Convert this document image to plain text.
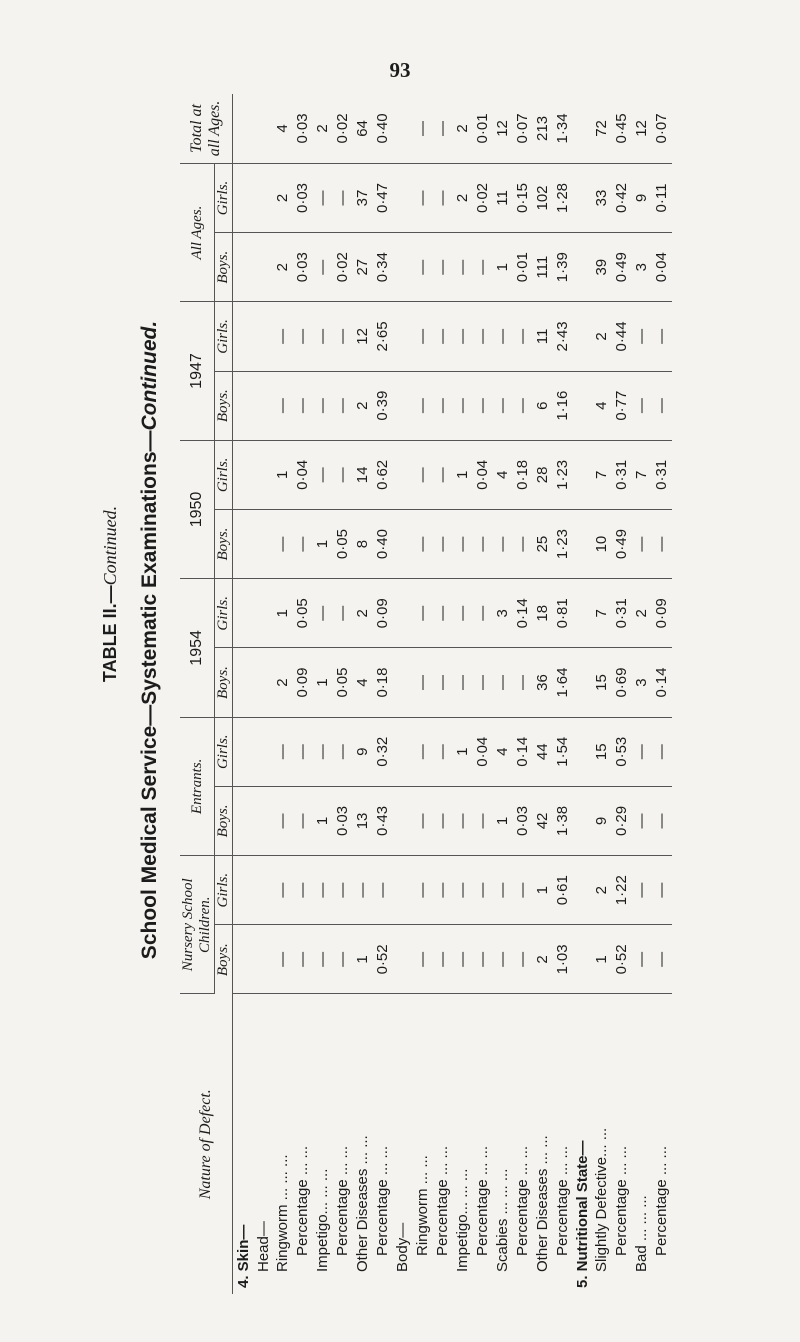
93
School Medical Service—Systematic Examinations—Continued.
TABLE II.—Continued.
Nature of Defect.	Nursery School Children.		Entrants.		1954		1950		1947		All Ages.		Total at all Ages.
	Boys.	Girls.	Boys.	Girls.	Boys.	Girls.	Boys.	Girls.	Boys.	Girls.	Boys.	Girls.	
4. Skin—													
Head—													
Ringworm ... ... ...	—	—	—	—	2	1	—	1	—	—	2	2	4
Percentage ... ...	—	—	—	—	0·09	0·05	—	0·04	—	—	0·03	0·03	0·03
Impetigo... ... ...	—	—	1	—	1	—	1	—	—	—	—	—	2
Percentage ... ...	—	—	0·03	—	0·05	—	0·05	—	—	—	0·02	—	0·02
Other Diseases ... ...	1	—	13	9	4	2	8	14	2	12	27	37	64
Percentage ... ...	0·52	—	0·43	0·32	0·18	0·09	0·40	0·62	0·39	2·65	0·34	0·47	0·40
Body—													
Ringworm ... ...	—	—	—	—	—	—	—	—	—	—	—	—	—
Percentage ... ...	—	—	—	—	—	—	—	—	—	—	—	—	—
Impetigo... ... ...	—	—	—	1	—	—	—	1	—	—	—	2	2
Percentage ... ...	—	—	—	0·04	—	—	—	0·04	—	—	—	0·02	0·01
Scabies ... ... ...	—	—	1	4	—	3	—	4	—	—	1	11	12
Percentage ... ...	—	—	0·03	0·14	—	0·14	—	0·18	—	—	0·01	0·15	0·07
Other Diseases ... ...	2	1	42	44	36	18	25	28	6	11	111	102	213
Percentage ... ...	1·03	0·61	1·38	1·54	1·64	0·81	1·23	1·23	1·16	2·43	1·39	1·28	1·34
5. Nutritional State—													
Slightly Defective... ...	1	2	9	15	15	7	10	7	4	2	39	33	72
Percentage ... ...	0·52	1·22	0·29	0·53	0·69	0·31	0·49	0·31	0·77	0·44	0·49	0·42	0·45
Bad ... ... ...	—	—	—	—	3	2	—	7	—	—	3	9	12
Percentage ... ...	—	—	—	—	0·14	0·09	—	0·31	—	—	0·04	0·11	0·07
